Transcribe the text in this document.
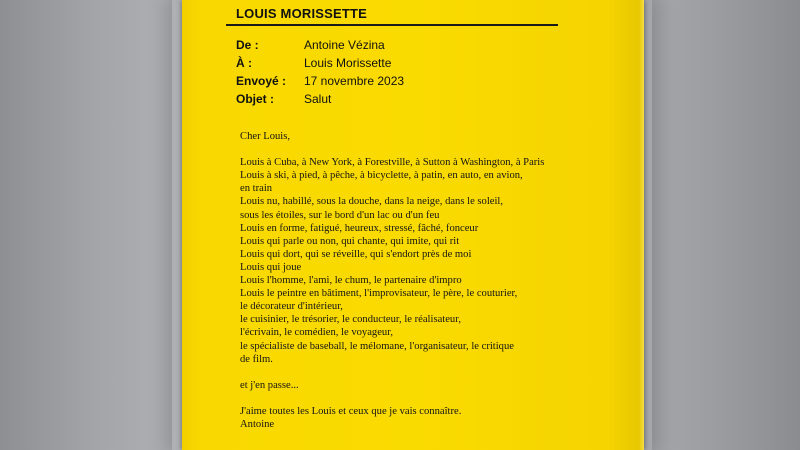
LOUIS MORISSETTE
De :	Antoine Vézina
À :	Louis Morissette
Envoyé :	17 novembre 2023
Objet :	Salut
Cher Louis,
Louis à Cuba, à New York, à Forestville, à Sutton à Washington, à Paris
Louis à ski, à pied, à pêche, à bicyclette, à patin, en auto, en avion,
en train
Louis nu, habillé, sous la douche, dans la neige, dans le soleil,
sous les étoiles, sur le bord d'un lac ou d'un feu
Louis en forme, fatigué, heureux, stressé, fâché, fonceur
Louis qui parle ou non, qui chante, qui imite, qui rit
Louis qui dort, qui se réveille, qui s'endort près de moi
Louis qui joue
Louis l'homme, l'ami, le chum, le partenaire d'impro
Louis le peintre en bâtiment, l'improvisateur, le père, le couturier,
le décorateur d'intérieur,
le cuisinier, le trésorier, le conducteur, le réalisateur,
l'écrivain, le comédien, le voyageur,
le spécialiste de baseball, le mélomane, l'organisateur, le critique
de film.
et j'en passe...
J'aime toutes les Louis et ceux que je vais connaître.
Antoine
